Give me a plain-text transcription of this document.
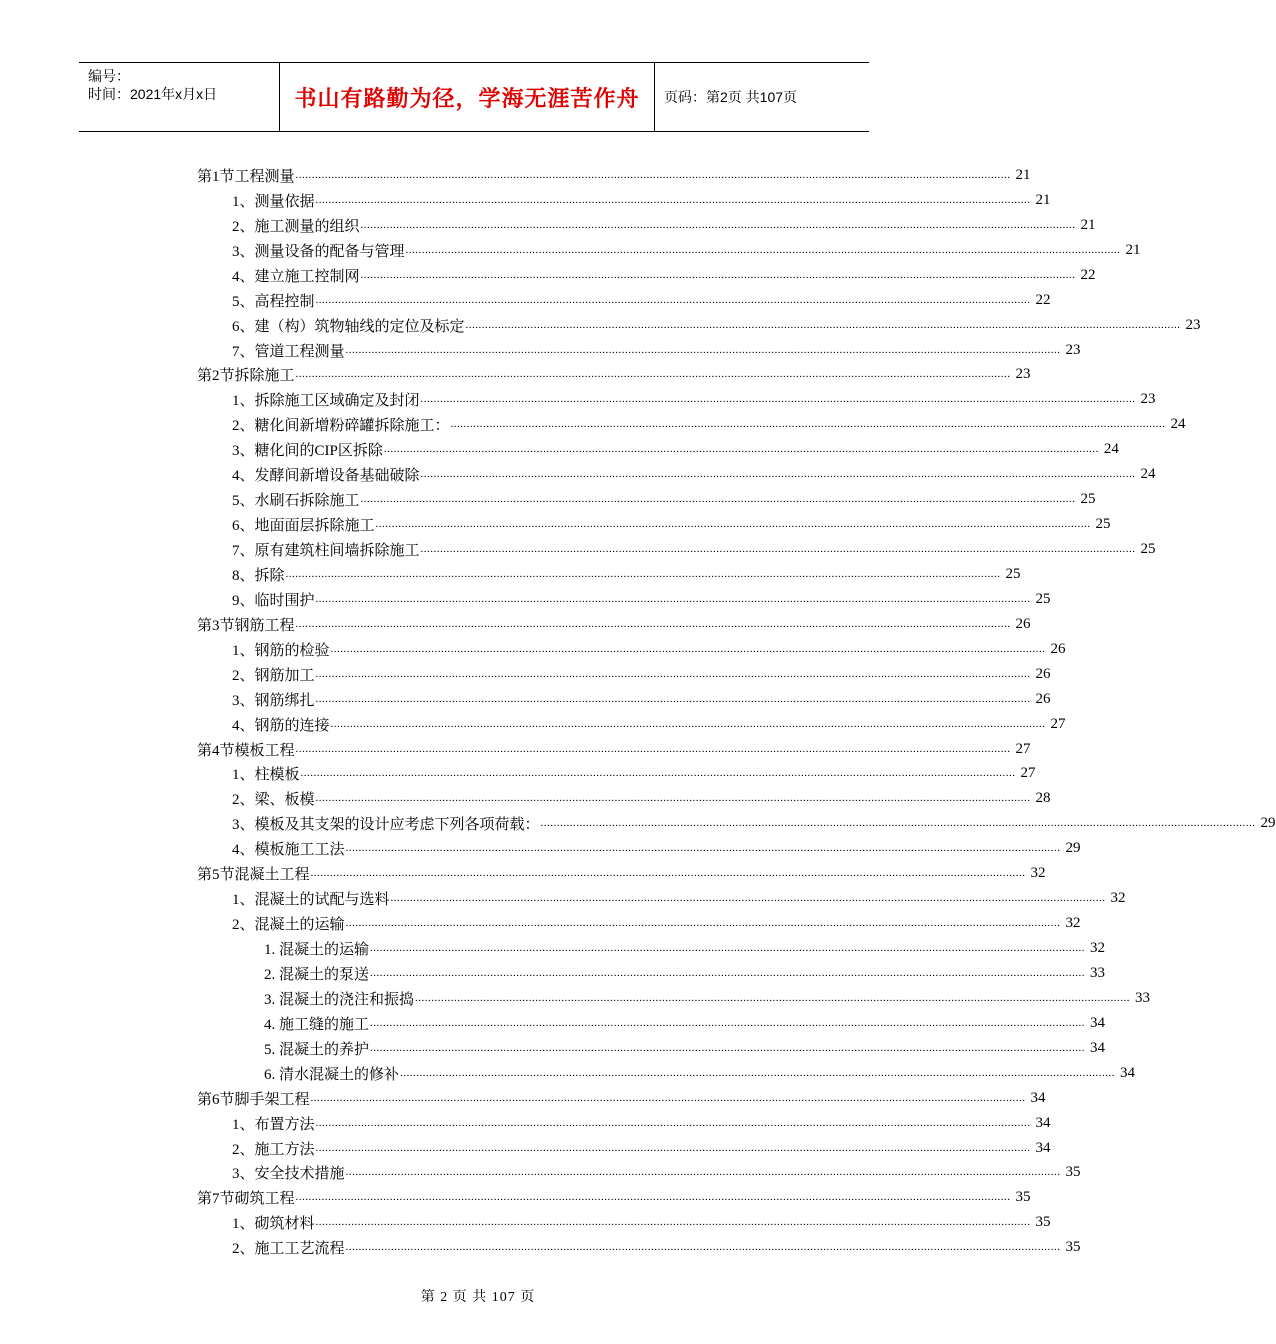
编号：
时间：2021年x月x日	书山有路勤为径，学海无涯苦作舟	页码：第2页 共107页
第1节 工程测量 ............................................................................................................................................................................................................................ 21
1、 测量依据 ............................................................................................................................................................................................................................ 21
2、 施工测量的组织 ............................................................................................................................................................................................................................ 21
3、 测量设备的配备与管理 ............................................................................................................................................................................................................................ 21
4、 建立施工控制网 ............................................................................................................................................................................................................................ 22
5、 高程控制 ............................................................................................................................................................................................................................ 22
6、 建（构）筑物轴线的定位及标定 ............................................................................................................................................................................................................................ 23
7、 管道工程测量 ............................................................................................................................................................................................................................ 23
第2节 拆除施工 ............................................................................................................................................................................................................................ 23
1、 拆除施工区域确定及封闭 ............................................................................................................................................................................................................................ 23
2、 糖化间新增粉碎罐拆除施工： ............................................................................................................................................................................................................................ 24
3、 糖化间的CIP区拆除 ............................................................................................................................................................................................................................ 24
4、 发酵间新增设备基础破除 ............................................................................................................................................................................................................................ 24
5、 水刷石拆除施工 ............................................................................................................................................................................................................................ 25
6、 地面面层拆除施工 ............................................................................................................................................................................................................................ 25
7、 原有建筑柱间墙拆除施工 ............................................................................................................................................................................................................................ 25
8、 拆除 ............................................................................................................................................................................................................................ 25
9、 临时围护 ............................................................................................................................................................................................................................ 25
第3节 钢筋工程 ............................................................................................................................................................................................................................ 26
1、 钢筋的检验 ............................................................................................................................................................................................................................ 26
2、 钢筋加工 ............................................................................................................................................................................................................................ 26
3、 钢筋绑扎 ............................................................................................................................................................................................................................ 26
4、 钢筋的连接 ............................................................................................................................................................................................................................ 27
第4节 模板工程 ............................................................................................................................................................................................................................ 27
1、 柱模板 ............................................................................................................................................................................................................................ 27
2、 梁、板模 ............................................................................................................................................................................................................................ 28
3、 模板及其支架的设计应考虑下列各项荷载： ............................................................................................................................................................................................................................ 29
4、 模板施工工法 ............................................................................................................................................................................................................................ 29
第5节 混凝土工程 ............................................................................................................................................................................................................................ 32
1、 混凝土的试配与选料 ............................................................................................................................................................................................................................ 32
2、 混凝土的运输 ............................................................................................................................................................................................................................ 32
1. 混凝土的运输 ............................................................................................................................................................................................................................ 32
2. 混凝土的泵送 ............................................................................................................................................................................................................................ 33
3. 混凝土的浇注和振捣 ............................................................................................................................................................................................................................ 33
4. 施工缝的施工 ............................................................................................................................................................................................................................ 34
5. 混凝土的养护 ............................................................................................................................................................................................................................ 34
6. 清水混凝土的修补 ............................................................................................................................................................................................................................ 34
第6节 脚手架工程 ............................................................................................................................................................................................................................ 34
1、 布置方法 ............................................................................................................................................................................................................................ 34
2、 施工方法 ............................................................................................................................................................................................................................ 34
3、 安全技术措施 ............................................................................................................................................................................................................................ 35
第7节 砌筑工程 ............................................................................................................................................................................................................................ 35
1、 砌筑材料 ............................................................................................................................................................................................................................ 35
2、 施工工艺流程 ............................................................................................................................................................................................................................ 35
第 2 页 共 107 页
